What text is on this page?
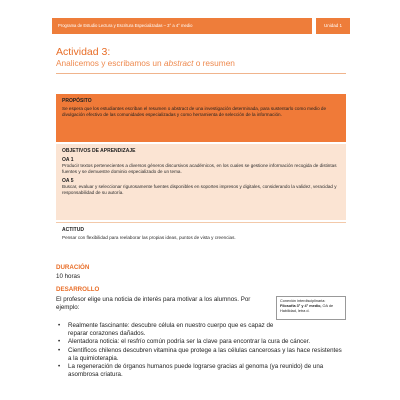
Programa de Estudio Lectura y Escritura Especializadas – 3° a 4° medio	Unidad 1
Actividad 3:
Analicemos y escribamos un abstract o resumen
PROPÓSITO
Se espera que los estudiantes escriban el resumen o abstract de una investigación determinada, para sustentarlo como medio de divulgación efectivo de las comunidades especializadas y como herramienta de selección de la información.
OBJETIVOS DE APRENDIZAJE
OA 1
Producir textos pertenecientes a diversos géneros discursivos académicos, en los cuales se gestione información recogida de distintas fuentes y se demuestre dominio especializado de un tema.
OA 5
Buscar, evaluar y seleccionar rigurosamente fuentes disponibles en soportes impresos y digitales, considerando la validez, veracidad y responsabilidad de su autoría.
ACTITUD
Pensar con flexibilidad para reelaborar las propias ideas, puntos de vista y creencias.
DURACIÓN
10 horas
DESARROLLO
El profesor elige una noticia de interés para motivar a los alumnos. Por ejemplo:
Conexión interdisciplinaria:
Filosofía 3° y 4° medio, OA de Habilidad, letra d.
• Realmente fascinante: descubre célula en nuestro cuerpo que es capaz de reparar corazones dañados.
• Alentadora noticia: el resfrío común podría ser la clave para encontrar la cura de cáncer.
• Científicos chilenos descubren vitamina que protege a las células cancerosas y las hace resistentes a la quimioterapia.
• La regeneración de órganos humanos puede lograrse gracias al genoma (ya reunido) de una asombrosa criatura.
